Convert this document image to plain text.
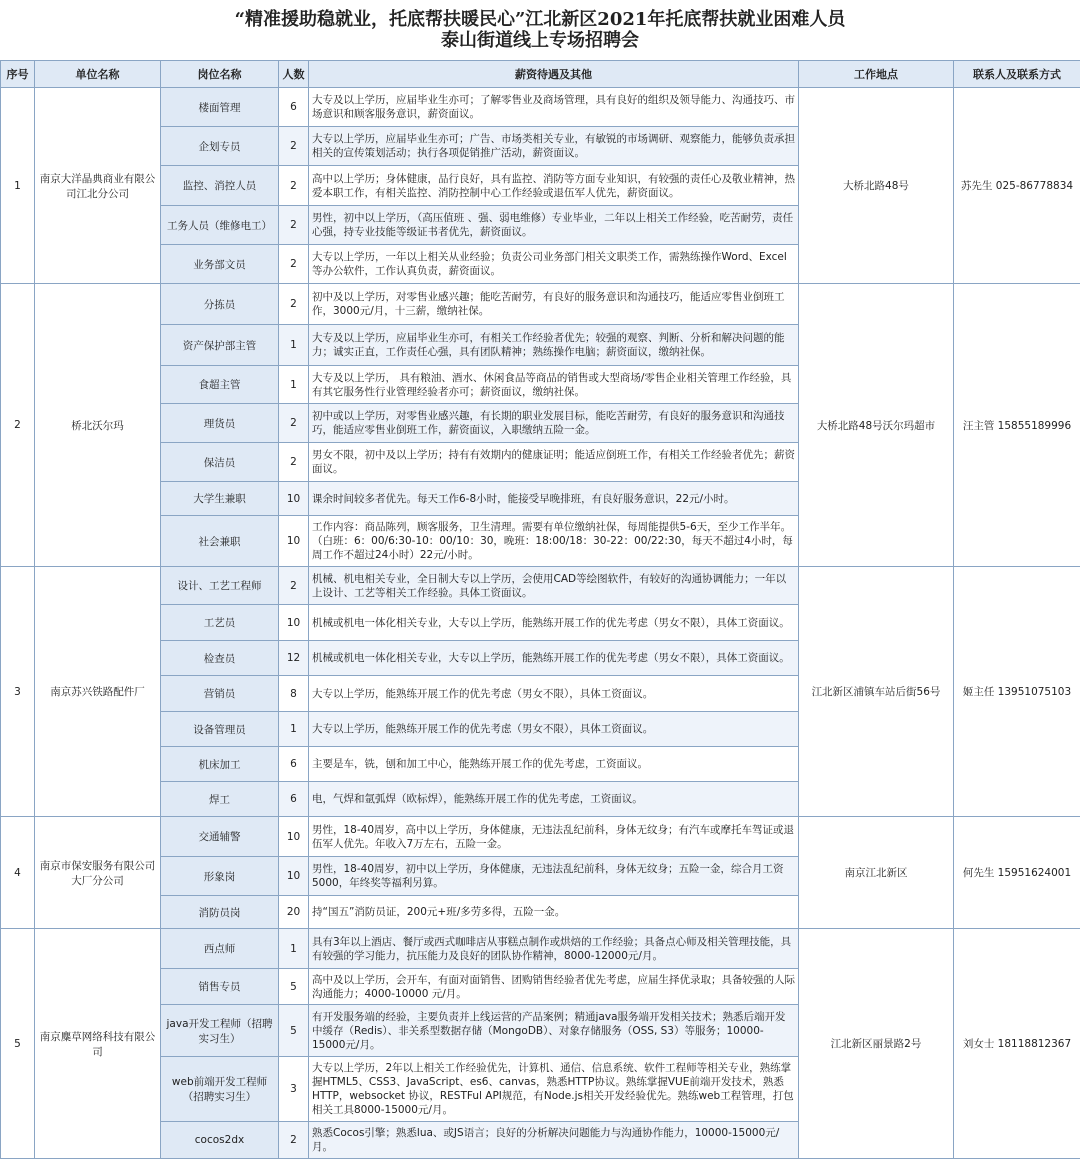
“精准援助稳就业，托底帮扶暖民心”江北新区2021年托底帮扶就业困难人员
泰山街道线上专场招聘会
序号	单位名称	岗位名称	人数	薪资待遇及其他	工作地点	联系人及联系方式
1	南京大洋晶典商业有限公司江北分公司	楼面管理	6	大专及以上学历，应届毕业生亦可；了解零售业及商场管理，具有良好的组织及领导能力、沟通技巧、市场意识和顾客服务意识，薪资面议。	大桥北路48号	苏先生 025-86778834
		企划专员	2	大专以上学历，应届毕业生亦可；广告、市场类相关专业，有敏锐的市场调研、观察能力，能够负责承担相关的宣传策划活动；执行各项促销推广活动，薪资面议。		
		监控、消控人员	2	高中以上学历；身体健康，品行良好，具有监控、消防等方面专业知识，有较强的责任心及敬业精神，热爱本职工作，有相关监控、消防控制中心工作经验或退伍军人优先，薪资面议。		
		工务人员（维修电工）	2	男性，初中以上学历，（高压值班 、强、弱电维修）专业毕业，二年以上相关工作经验，吃苦耐劳，责任心强，持专业技能等级证书者优先，薪资面议。		
		业务部文员	2	大专以上学历，一年以上相关从业经验；负责公司业务部门相关文职类工作，需熟练操作Word、Excel等办公软件，工作认真负责，薪资面议。		
2	桥北沃尔玛	分拣员	2	初中及以上学历，对零售业感兴趣；能吃苦耐劳，有良好的服务意识和沟通技巧，能适应零售业倒班工作，3000元/月，十三薪，缴纳社保。	大桥北路48号沃尔玛超市	汪主管 15855189996
		资产保护部主管	1	大专及以上学历，应届毕业生亦可，有相关工作经验者优先；较强的观察、判断、分析和解决问题的能力；诚实正直，工作责任心强，具有团队精神；熟练操作电脑；薪资面议，缴纳社保。		
		食超主管	1	大专及以上学历， 具有粮油、酒水、休闲食品等商品的销售或大型商场/零售企业相关管理工作经验，具有其它服务性行业管理经验者亦可；薪资面议，缴纳社保。		
		理货员	2	初中或以上学历，对零售业感兴趣，有长期的职业发展目标，能吃苦耐劳，有良好的服务意识和沟通技巧，能适应零售业倒班工作，薪资面议，入职缴纳五险一金。		
		保洁员	2	男女不限，初中及以上学历；持有有效期内的健康证明；能适应倒班工作，有相关工作经验者优先；薪资面议。		
		大学生兼职	10	课余时间较多者优先。每天工作6-8小时，能接受早晚排班，有良好服务意识，22元/小时。		
		社会兼职	10	工作内容：商品陈列，顾客服务，卫生清理。需要有单位缴纳社保，每周能提供5-6天，至少工作半年。 （白班：6：00/6:30-10：00/10：30，晚班：18:00/18：30-22：00/22:30，每天不超过4小时，每周工作不超过24小时）22元/小时。		
3	南京苏兴铁路配件厂	设计、工艺工程师	2	机械、机电相关专业，全日制大专以上学历，会使用CAD等绘图软件，有较好的沟通协调能力；一年以上设计、工艺等相关工作经验。具体工资面议。	江北新区浦镇车站后街56号	姬主任 13951075103
		工艺员	10	机械或机电一体化相关专业，大专以上学历，能熟练开展工作的优先考虑（男女不限），具体工资面议。		
		检查员	12	机械或机电一体化相关专业，大专以上学历，能熟练开展工作的优先考虑（男女不限），具体工资面议。		
		营销员	8	大专以上学历，能熟练开展工作的优先考虑（男女不限），具体工资面议。		
		设备管理员	1	大专以上学历，能熟练开展工作的优先考虑（男女不限），具体工资面议。		
		机床加工	6	主要是车，铣，刨和加工中心，能熟练开展工作的优先考虑，工资面议。		
		焊工	6	电，气焊和氩弧焊（欧标焊），能熟练开展工作的优先考虑，工资面议。		
4	南京市保安服务有限公司大厂分公司	交通辅警	10	男性，18-40周岁，高中以上学历，身体健康，无违法乱纪前科，身体无纹身；有汽车或摩托车驾证或退伍军人优先。年收入7万左右，五险一金。	南京江北新区	何先生 15951624001
		形象岗	10	男性，18-40周岁，初中以上学历，身体健康，无违法乱纪前科，身体无纹身；五险一金，综合月工资5000，年终奖等福利另算。		
		消防员岗	20	持“国五”消防员证，200元+班/多劳多得，五险一金。		
5	南京麋草网络科技有限公司	西点师	1	具有3年以上酒店、餐厅或西式咖啡店从事糕点制作或烘焙的工作经验；具备点心师及相关管理技能，具有较强的学习能力，抗压能力及良好的团队协作精神，8000-12000元/月。	江北新区丽景路2号	刘女士 18118812367
		销售专员	5	高中及以上学历，会开车，有面对面销售、团购销售经验者优先考虑，应届生择优录取；具备较强的人际沟通能力；4000-10000 元/月。		
		java开发工程师（招聘实习生）	5	有开发服务端的经验，主要负责并上线运营的产品案例；精通java服务端开发相关技术；熟悉后端开发中缓存（Redis）、非关系型数据存储（MongoDB）、对象存储服务（OSS, S3）等服务；10000-15000元/月。		
		web前端开发工程师（招聘实习生）	3	大专以上学历，2年以上相关工作经验优先，计算机、通信、信息系统、软件工程师等相关专业，熟练掌握HTML5、CSS3、JavaScript、es6、canvas，熟悉HTTP协议。熟练掌握VUE前端开发技术，熟悉 HTTP，websocket 协议，RESTFul API规范，有Node.js相关开发经验优先。熟练web工程管理，打包相关工具8000-15000元/月。		
		cocos2dx	2	熟悉Cocos引擎；熟悉lua、或JS语言；良好的分析解决问题能力与沟通协作能力，10000-15000元/月。		
